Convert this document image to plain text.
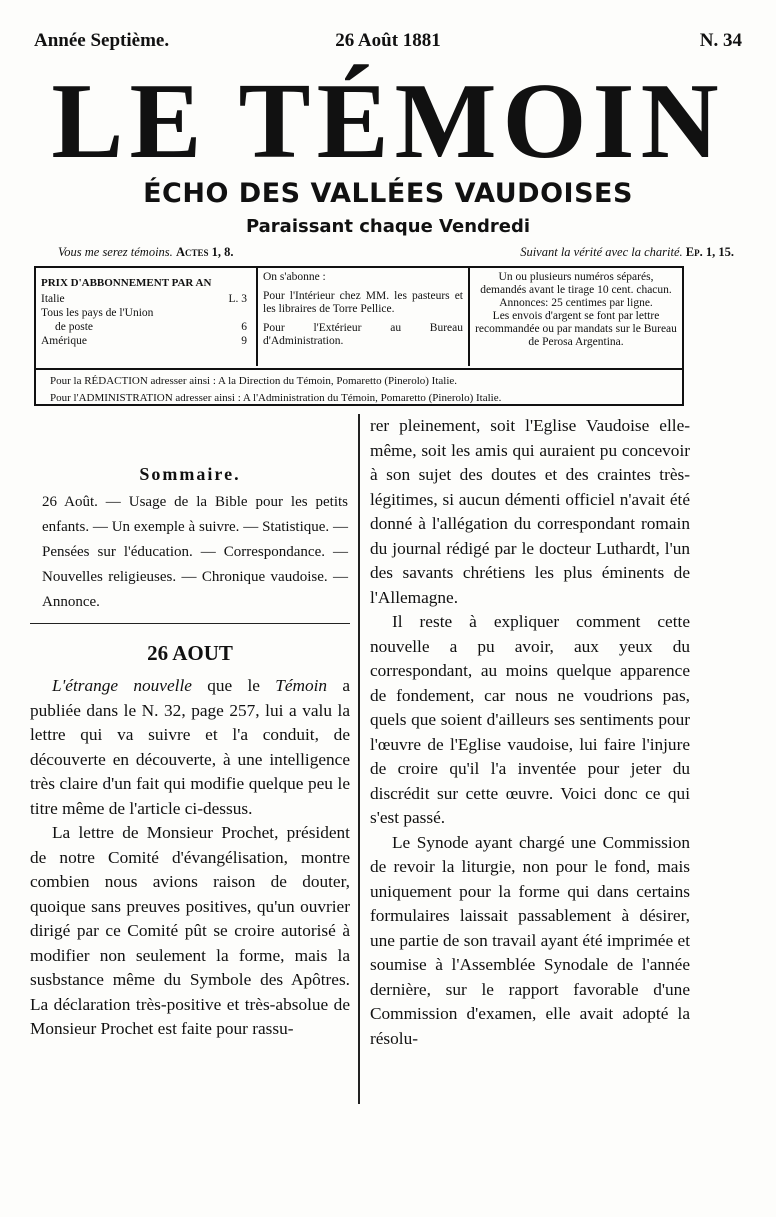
Année Septième.	26 Août 1881	N. 34
LE TÉMOIN
ÉCHO DES VALLÉES VAUDOISES
Paraissant chaque Vendredi
Vous me serez témoins. Actes 1, 8.	Suivant la vérité avec la charité. Ep. 1, 15.
PRIX D'ABBONNEMENT PAR AN
Italie	L. 3
Tous les pays de l'Union
de poste	6
Amérique	9

On s'abonne :

Pour l'Intérieur chez MM. les pasteurs et les libraires de Torre Pellice.

Pour l'Extérieur au Bureau d'Administration.

Un ou plusieurs numéros séparés, demandés avant le tirage 10 cent. chacun.

Annonces: 25 centimes par ligne.

Les envois d'argent se font par lettre recommandée ou par mandats sur le Bureau de Perosa Argentina.

Pour la RÉDACTION adresser ainsi : A la Direction du Témoin, Pomaretto (Pinerolo) Italie.
Pour l'ADMINISTRATION adresser ainsi : A l'Administration du Témoin, Pomaretto (Pinerolo) Italie.
Sommaire.
26 Août. — Usage de la Bible pour les petits enfants. — Un exemple à suivre. — Statistique. — Pensées sur l'éducation. — Correspondance. — Nouvelles religieuses. — Chronique vaudoise. — Annonce.
26 AOUT

L'étrange nouvelle que le Témoin a publiée dans le N. 32, page 257, lui a valu la lettre qui va suivre et l'a conduit, de découverte en découverte, à une intelligence très claire d'un fait qui modifie quelque peu le titre même de l'article ci-dessus.

La lettre de Monsieur Prochet, président de notre Comité d'évangélisation, montre combien nous avions raison de douter, quoique sans preuves positives, qu'un ouvrier dirigé par ce Comité pût se croire autorisé à modifier non seulement la forme, mais la susbstance même du Symbole des Apôtres. La déclaration très-positive et très-absolue de Monsieur Prochet est faite pour rassu-

rer pleinement, soit l'Eglise Vaudoise elle-même, soit les amis qui auraient pu concevoir à son sujet des doutes et des craintes très-légitimes, si aucun démenti officiel n'avait été donné à l'allégation du correspondant romain du journal rédigé par le docteur Luthardt, l'un des savants chrétiens les plus éminents de l'Allemagne.

Il reste à expliquer comment cette nouvelle a pu avoir, aux yeux du correspondant, au moins quelque apparence de fondement, car nous ne voudrions pas, quels que soient d'ailleurs ses sentiments pour l'œuvre de l'Eglise vaudoise, lui faire l'injure de croire qu'il l'a inventée pour jeter du discrédit sur cette œuvre. Voici donc ce qui s'est passé.

Le Synode ayant chargé une Commission de revoir la liturgie, non pour le fond, mais uniquement pour la forme qui dans certains formulaires laissait passablement à désirer, une partie de son travail ayant été imprimée et soumise à l'Assemblée Synodale de l'année dernière, sur le rapport favorable d'une Commission d'examen, elle avait adopté la résolu-
